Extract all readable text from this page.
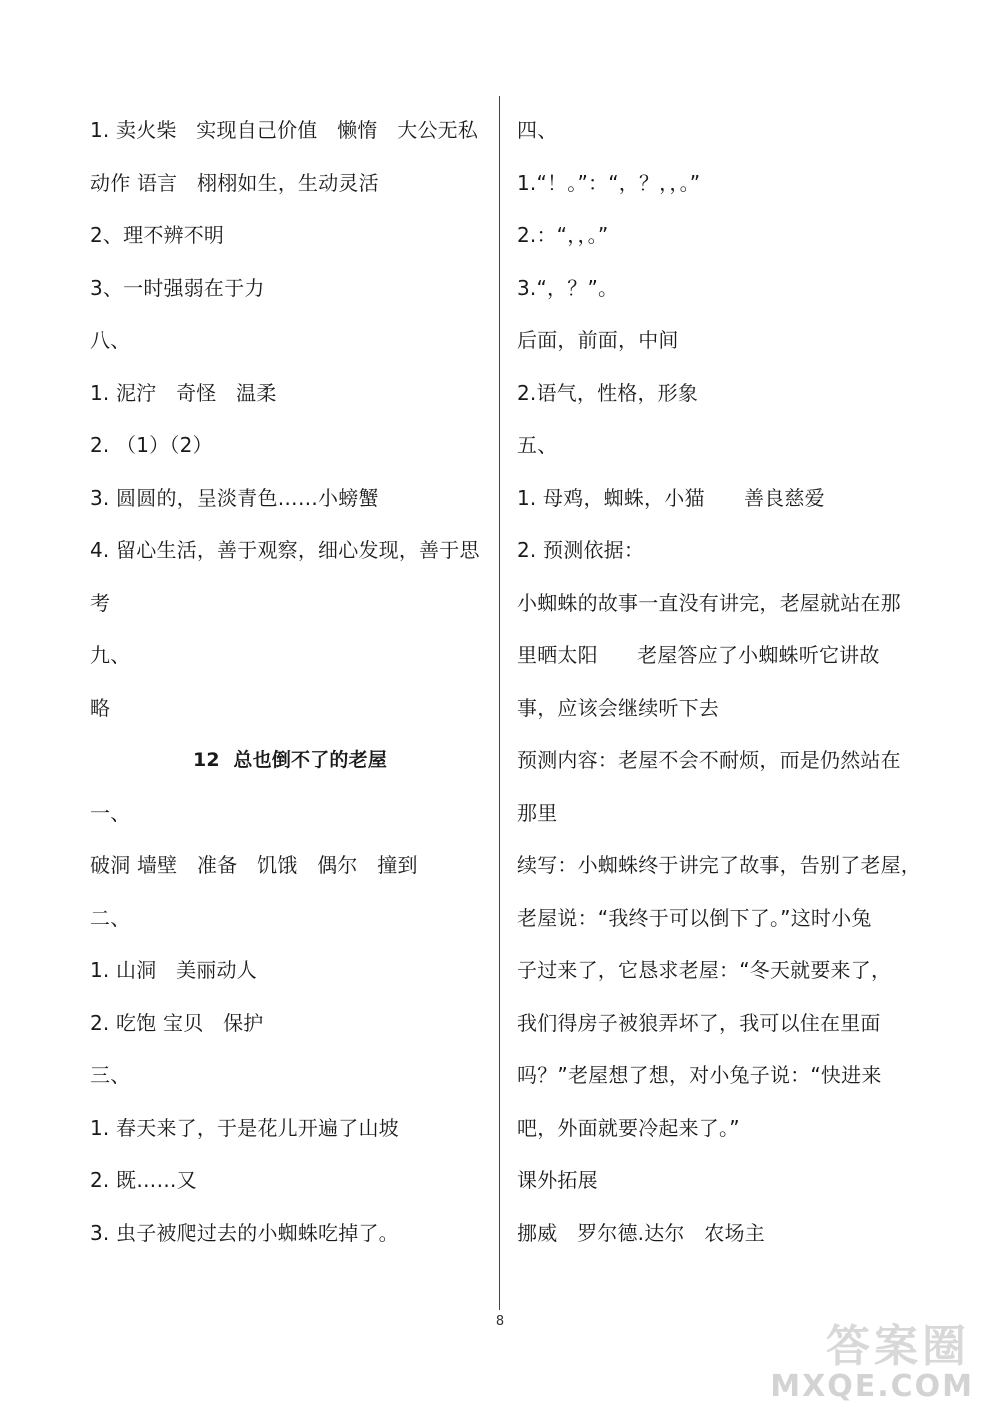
1. 卖火柴   实现自己价值   懒惰   大公无私
动作 语言   栩栩如生，生动灵活
2、理不辨不明
3、一时强弱在于力
八、
1. 泥泞   奇怪   温柔
2. （1）（2）
3. 圆圆的，呈淡青色……小螃蟹
4. 留心生活，善于观察，细心发现，善于思
考
九、
略
12  总也倒不了的老屋
一、
破洞 墙壁   准备   饥饿   偶尔   撞到
二、
1. 山洞   美丽动人
2. 吃饱 宝贝   保护
三、
1. 春天来了，于是花儿开遍了山坡
2. 既……又
3. 虫子被爬过去的小蜘蛛吃掉了。
四、
1.“！。”：“，？，，。”
2.：“，，。”
3.“，？”。
后面，前面，中间
2.语气，性格，形象
五、
1. 母鸡，蜘蛛，小猫      善良慈爱
2. 预测依据：
小蜘蛛的故事一直没有讲完，老屋就站在那
里晒太阳      老屋答应了小蜘蛛听它讲故
事，应该会继续听下去
预测内容：老屋不会不耐烦，而是仍然站在
那里
续写：小蜘蛛终于讲完了故事，告别了老屋，
老屋说：“我终于可以倒下了。”这时小兔
子过来了，它恳求老屋：“冬天就要来了，
我们得房子被狼弄坏了，我可以住在里面
吗？”老屋想了想，对小兔子说：“快进来
吧，外面就要冷起来了。”
课外拓展
挪威   罗尔德.达尔   农场主
8	答案圈
MXQE.COM
